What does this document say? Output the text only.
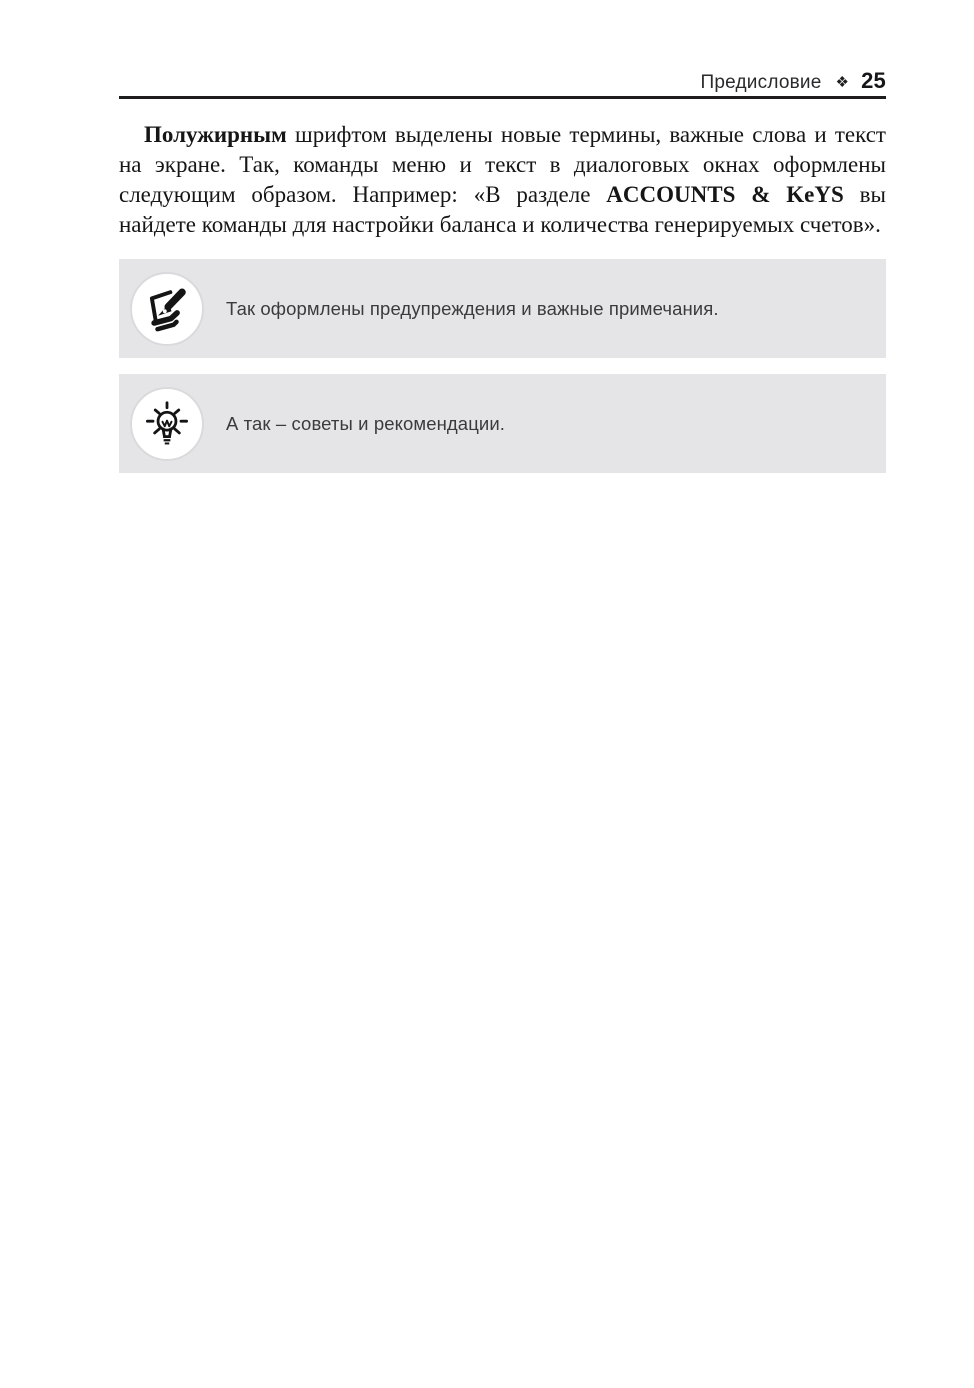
Предисловие ❖ 25

Полужирным шрифтом выделены новые термины, важные слова и текст на экране. Так, команды меню и текст в диалоговых окнах оформлены следующим образом. Например: «В разделе ACCOUNTS & KeYS вы найдете команды для настройки баланса и количества генерируемых счетов».

Так оформлены предупреждения и важные примечания.
А так – советы и рекомендации.
